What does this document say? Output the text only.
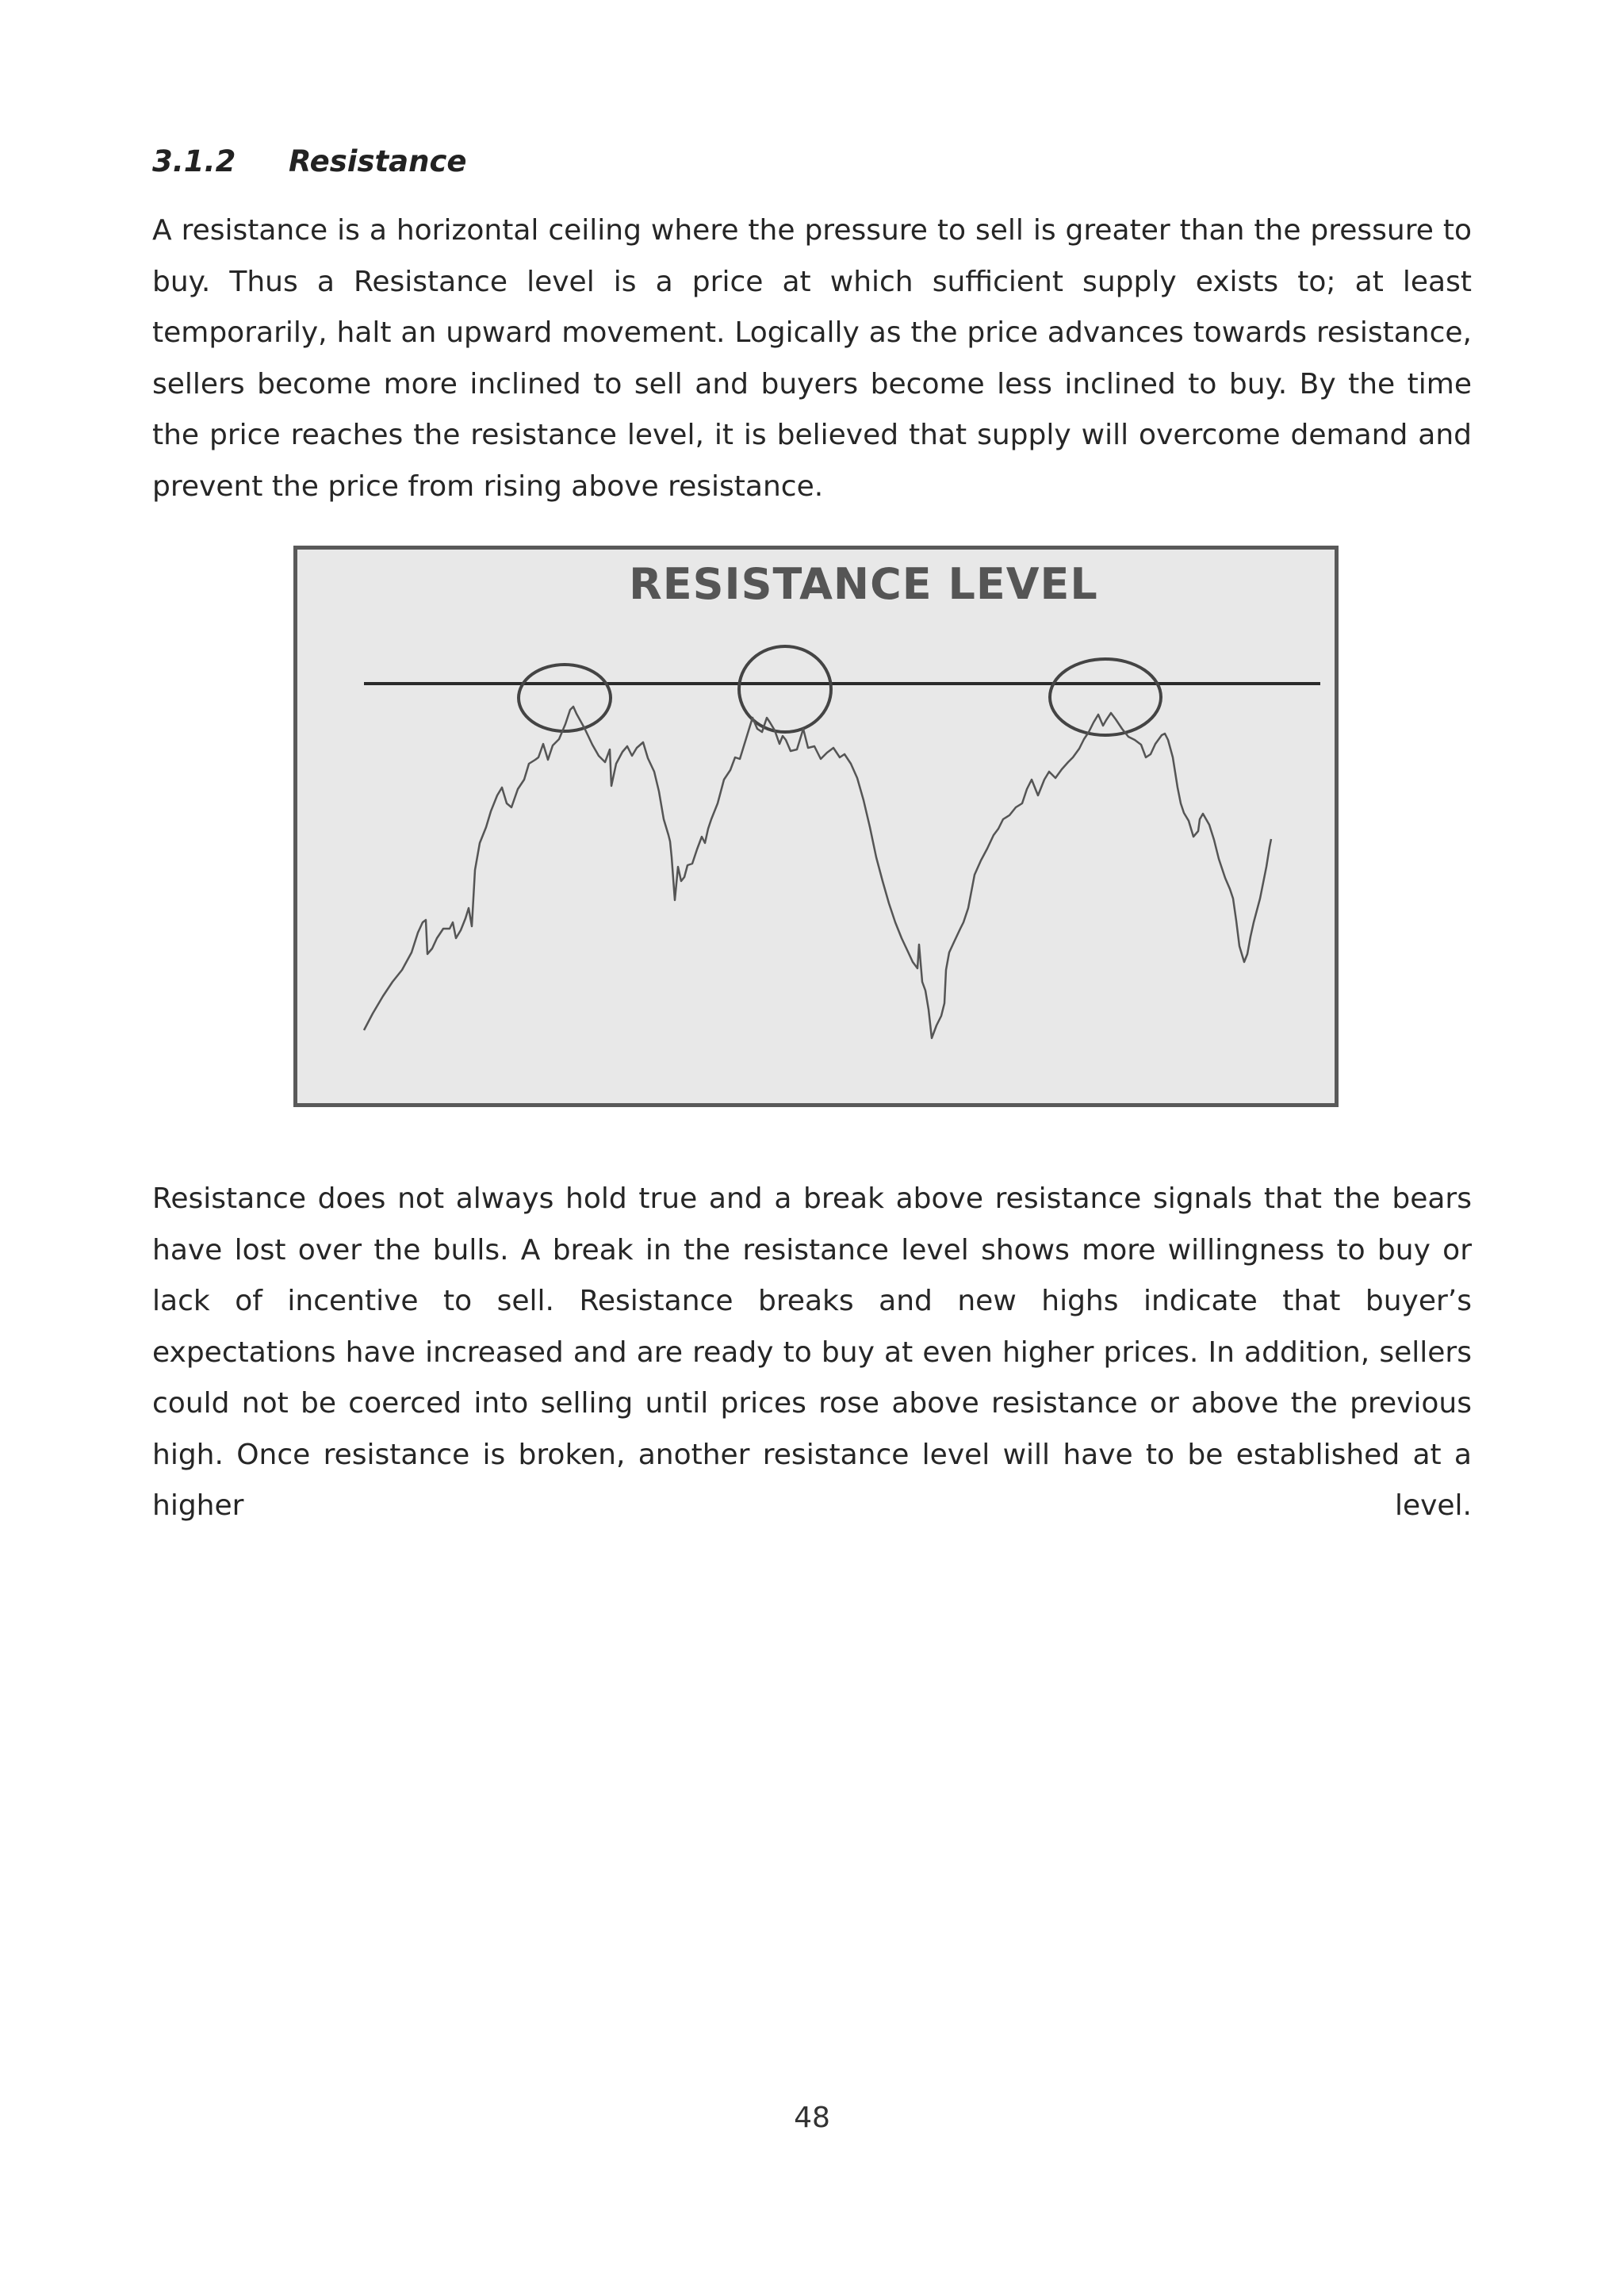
3.1.2 Resistance

A resistance is a horizontal ceiling where the pressure to sell is greater than the pressure to buy. Thus a Resistance level is a price at which sufficient supply exists to; at least temporarily, halt an upward movement. Logically as the price advances towards resistance, sellers become more inclined to sell and buyers become less inclined to buy. By the time the price reaches the resistance level, it is believed that supply will overcome demand and prevent the price from rising above resistance.

RESISTANCE LEVEL

Resistance does not always hold true and a break above resistance signals that the bears have lost over the bulls. A break in the resistance level shows more willingness to buy or lack of incentive to sell. Resistance breaks and new highs indicate that buyer’s expectations have increased and are ready to buy at even higher prices. In addition, sellers could not be coerced into selling until prices rose above resistance or above the previous high. Once resistance is broken, another resistance level will have to be established at a higher level.

48
